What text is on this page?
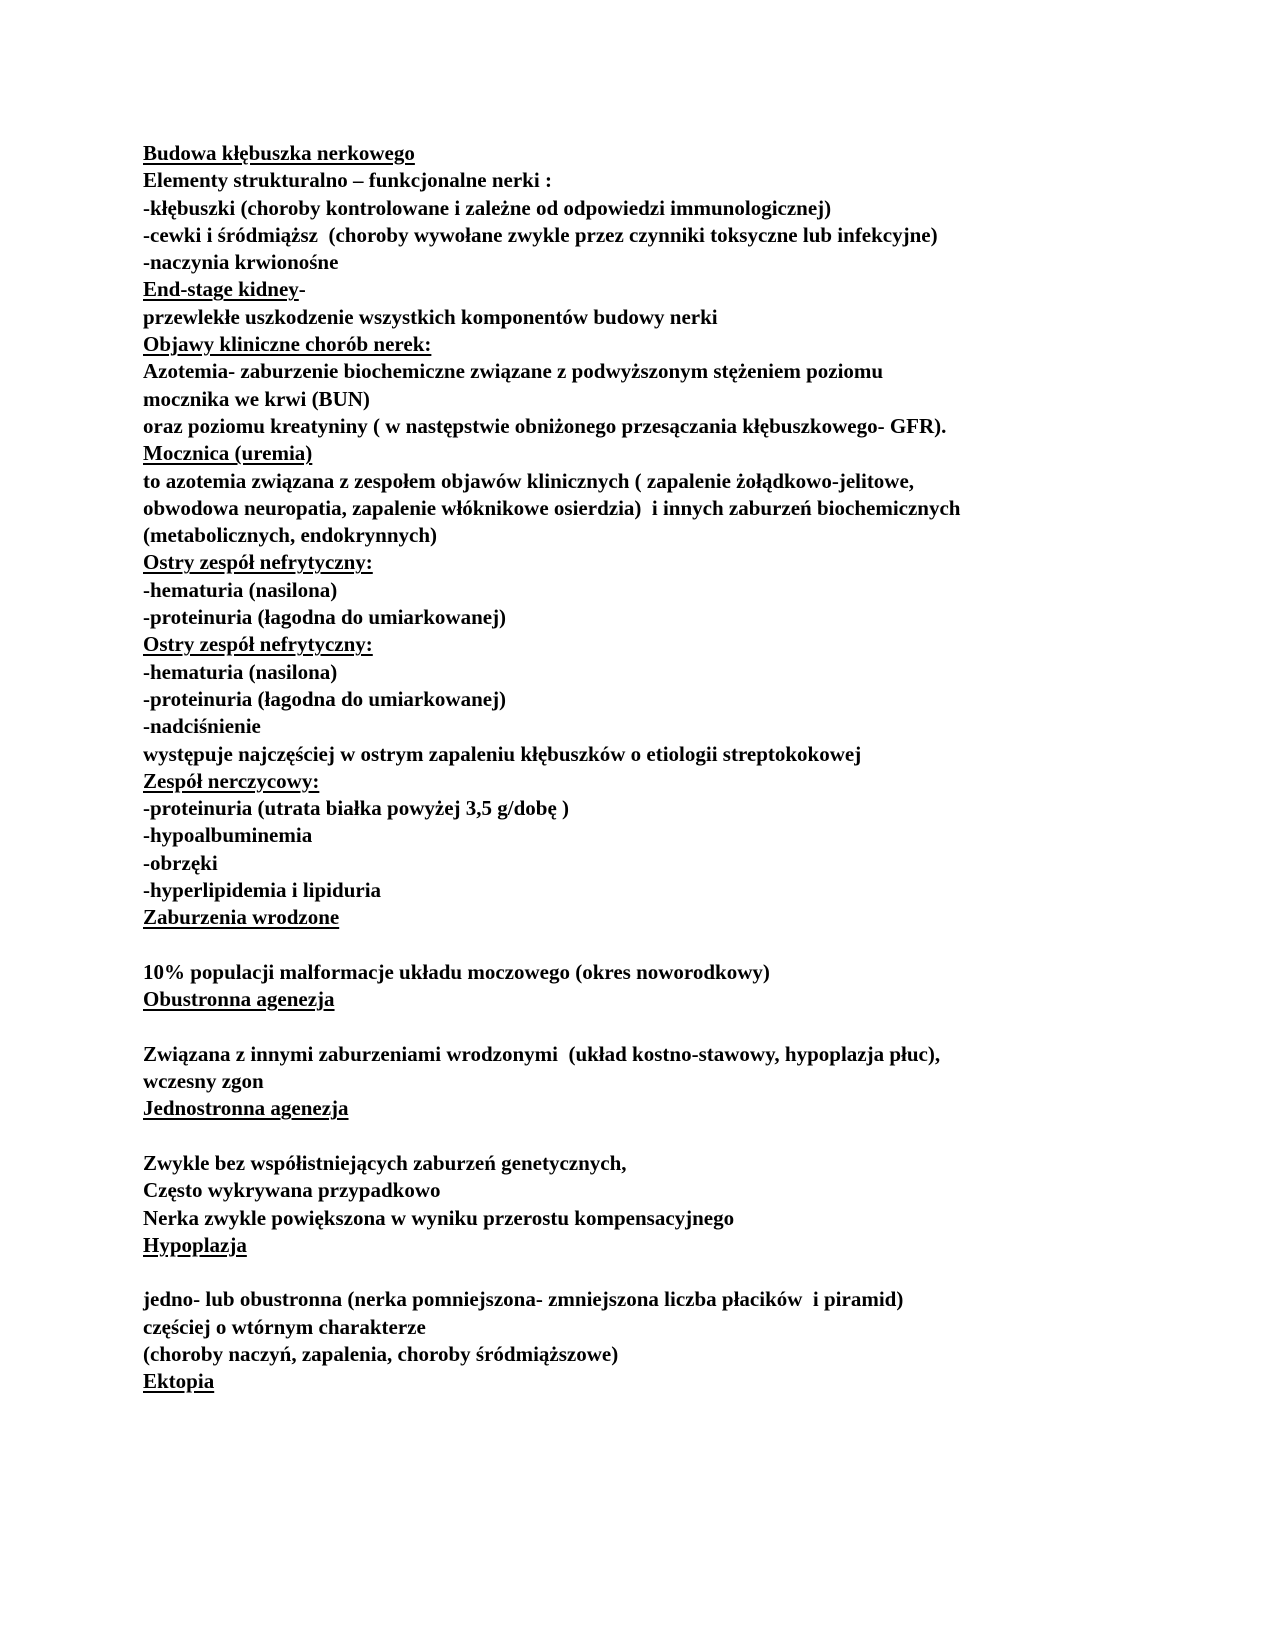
Budowa kłębuszka nerkowego
Elementy strukturalno – funkcjonalne nerki :
-kłębuszki (choroby kontrolowane i zależne od odpowiedzi immunologicznej)
-cewki i śródmiąższ  (choroby wywołane zwykle przez czynniki toksyczne lub infekcyjne)
-naczynia krwionośne
End-stage kidney-
przewlekłe uszkodzenie wszystkich komponentów budowy nerki
Objawy kliniczne chorób nerek:
Azotemia- zaburzenie biochemiczne związane z podwyższonym stężeniem poziomu
mocznika we krwi (BUN)
oraz poziomu kreatyniny ( w następstwie obniżonego przesączania kłębuszkowego- GFR).
Mocznica (uremia)
to azotemia związana z zespołem objawów klinicznych ( zapalenie żołądkowo-jelitowe,
obwodowa neuropatia, zapalenie włóknikowe osierdzia)  i innych zaburzeń biochemicznych
(metabolicznych, endokrynnych)
Ostry zespół nefrytyczny:
-hematuria (nasilona)
-proteinuria (łagodna do umiarkowanej)
Ostry zespół nefrytyczny:
-hematuria (nasilona)
-proteinuria (łagodna do umiarkowanej)
-nadciśnienie
występuje najczęściej w ostrym zapaleniu kłębuszków o etiologii streptokokowej
Zespół nerczycowy:
-proteinuria (utrata białka powyżej 3,5 g/dobę )
-hypoalbuminemia
-obrzęki
-hyperlipidemia i lipiduria
Zaburzenia wrodzone

10% populacji malformacje układu moczowego (okres noworodkowy)
Obustronna agenezja

Związana z innymi zaburzeniami wrodzonymi  (układ kostno-stawowy, hypoplazja płuc),
wczesny zgon
Jednostronna agenezja

Zwykle bez współistniejących zaburzeń genetycznych,
Często wykrywana przypadkowo
Nerka zwykle powiększona w wyniku przerostu kompensacyjnego
Hypoplazja

jedno- lub obustronna (nerka pomniejszona- zmniejszona liczba płacików  i piramid)
częściej o wtórnym charakterze
(choroby naczyń, zapalenia, choroby śródmiąższowe)
Ektopia
